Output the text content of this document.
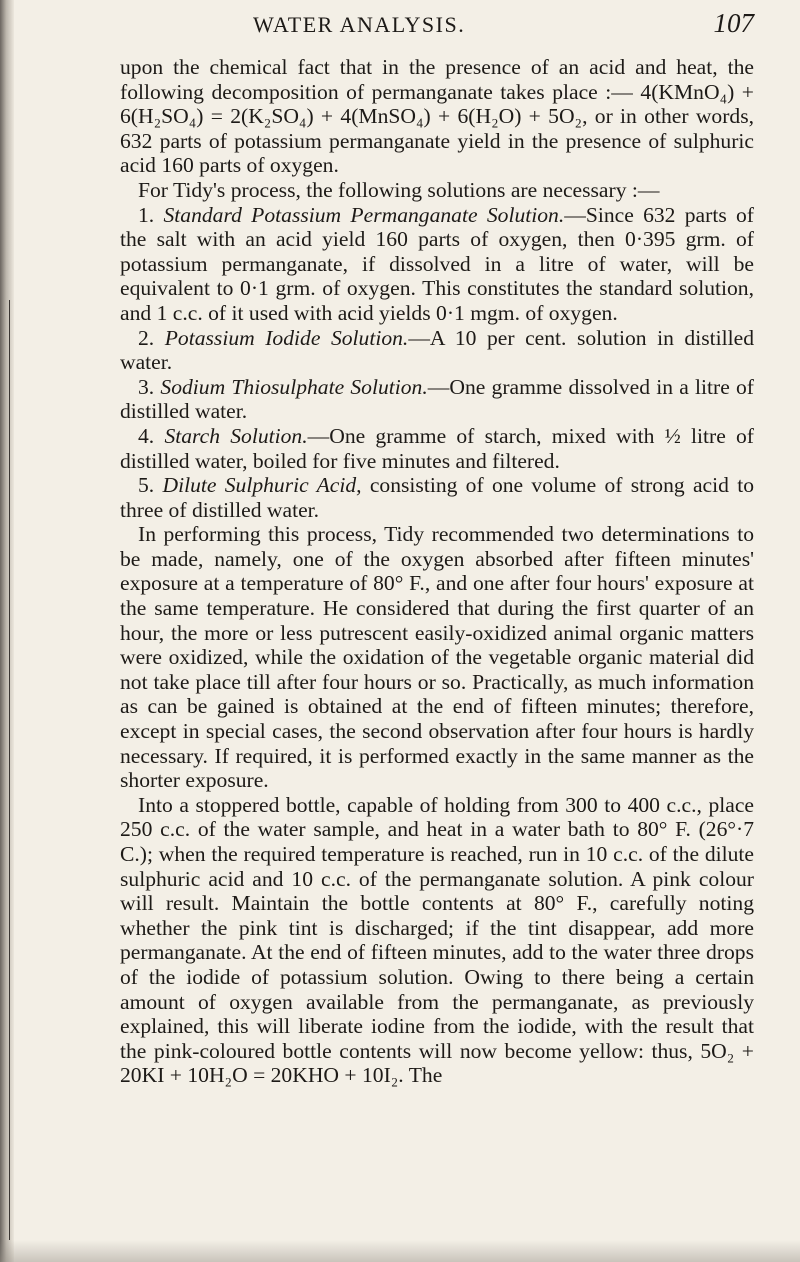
WATER ANALYSIS.	107

upon the chemical fact that in the presence of an acid and heat, the following decomposition of permanganate takes place :— 4(KMnO₄) + 6(H₂SO₄) = 2(K₂SO₄) + 4(MnSO₄) + 6(H₂O) + 5O₂, or in other words, 632 parts of potassium permanganate yield in the presence of sulphuric acid 160 parts of oxygen.

For Tidy's process, the following solutions are necessary :—

1. Standard Potassium Permanganate Solution.—Since 632 parts of the salt with an acid yield 160 parts of oxygen, then 0·395 grm. of potassium permanganate, if dissolved in a litre of water, will be equivalent to 0·1 grm. of oxygen. This constitutes the standard solution, and 1 c.c. of it used with acid yields 0·1 mgm. of oxygen.

2. Potassium Iodide Solution.—A 10 per cent. solution in distilled water.

3. Sodium Thiosulphate Solution.—One gramme dissolved in a litre of distilled water.

4. Starch Solution.—One gramme of starch, mixed with ½ litre of distilled water, boiled for five minutes and filtered.

5. Dilute Sulphuric Acid, consisting of one volume of strong acid to three of distilled water.

In performing this process, Tidy recommended two determinations to be made, namely, one of the oxygen absorbed after fifteen minutes' exposure at a temperature of 80° F., and one after four hours' exposure at the same temperature. He considered that during the first quarter of an hour, the more or less putrescent easily-oxidized animal organic matters were oxidized, while the oxidation of the vegetable organic material did not take place till after four hours or so. Practically, as much information as can be gained is obtained at the end of fifteen minutes; therefore, except in special cases, the second observation after four hours is hardly necessary. If required, it is performed exactly in the same manner as the shorter exposure.

Into a stoppered bottle, capable of holding from 300 to 400 c.c., place 250 c.c. of the water sample, and heat in a water bath to 80° F. (26°·7 C.); when the required temperature is reached, run in 10 c.c. of the dilute sulphuric acid and 10 c.c. of the permanganate solution. A pink colour will result. Maintain the bottle contents at 80° F., carefully noting whether the pink tint is discharged; if the tint disappear, add more permanganate. At the end of fifteen minutes, add to the water three drops of the iodide of potassium solution. Owing to there being a certain amount of oxygen available from the permanganate, as previously explained, this will liberate iodine from the iodide, with the result that the pink-coloured bottle contents will now become yellow: thus, 5O₂ + 20KI + 10H₂O = 20KHO + 10I₂. The
